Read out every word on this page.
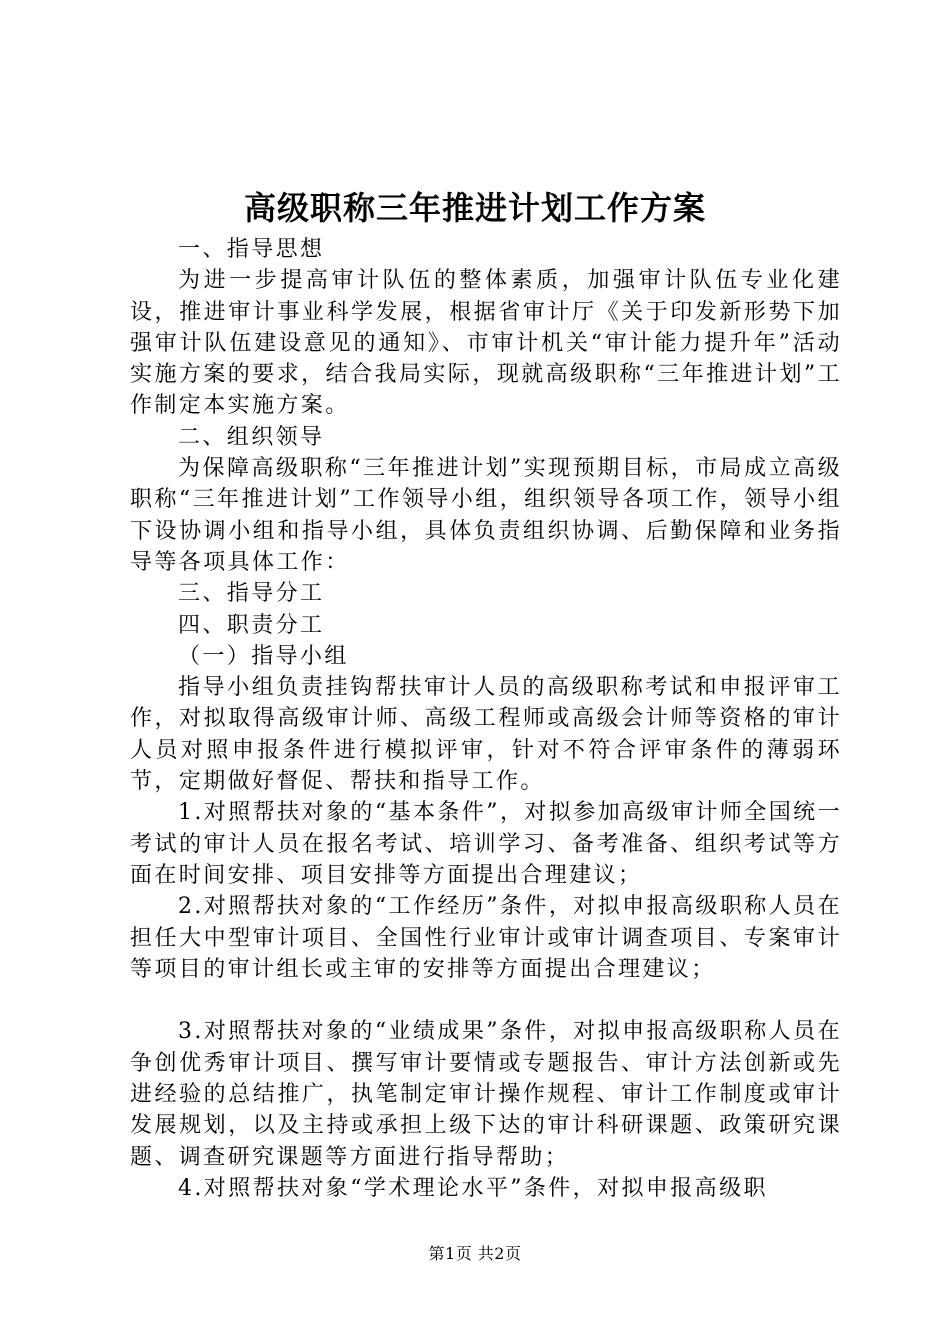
高级职称三年推进计划工作方案

一、指导思想

为进一步提高审计队伍的整体素质，加强审计队伍专业化建设，推进审计事业科学发展，根据省审计厅《关于印发新形势下加强审计队伍建设意见的通知》、市审计机关“审计能力提升年”活动实施方案的要求，结合我局实际，现就高级职称“三年推进计划”工作制定本实施方案。

二、组织领导

为保障高级职称“三年推进计划”实现预期目标，市局成立高级职称“三年推进计划”工作领导小组，组织领导各项工作，领导小组下设协调小组和指导小组，具体负责组织协调、后勤保障和业务指导等各项具体工作：

三、指导分工

四、职责分工

（一）指导小组

指导小组负责挂钩帮扶审计人员的高级职称考试和申报评审工作，对拟取得高级审计师、高级工程师或高级会计师等资格的审计人员对照申报条件进行模拟评审，针对不符合评审条件的薄弱环节，定期做好督促、帮扶和指导工作。

1.对照帮扶对象的“基本条件”，对拟参加高级审计师全国统一考试的审计人员在报名考试、培训学习、备考准备、组织考试等方面在时间安排、项目安排等方面提出合理建议；

2.对照帮扶对象的“工作经历”条件，对拟申报高级职称人员在担任大中型审计项目、全国性行业审计或审计调查项目、专案审计等项目的审计组长或主审的安排等方面提出合理建议；

3.对照帮扶对象的“业绩成果”条件，对拟申报高级职称人员在争创优秀审计项目、撰写审计要情或专题报告、审计方法创新或先进经验的总结推广，执笔制定审计操作规程、审计工作制度或审计发展规划，以及主持或承担上级下达的审计科研课题、政策研究课题、调查研究课题等方面进行指导帮助；

4.对照帮扶对象“学术理论水平”条件，对拟申报高级职

第1页 共2页
